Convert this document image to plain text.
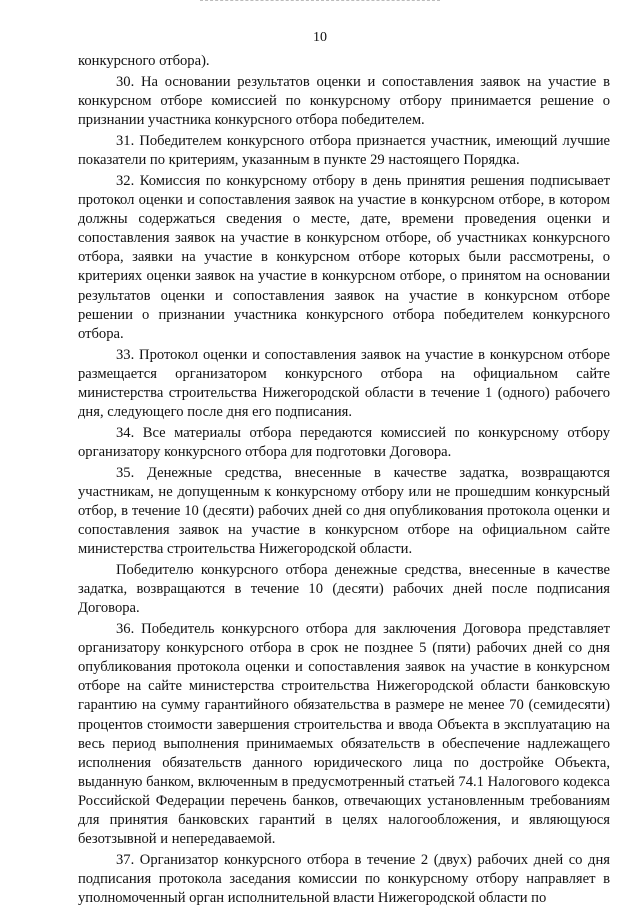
10

конкурсного отбора).

30. На основании результатов оценки и сопоставления заявок на участие в конкурсном отборе комиссией по конкурсному отбору принимается решение о признании участника конкурсного отбора победителем.

31. Победителем конкурсного отбора признается участник, имеющий лучшие показатели по критериям, указанным в пункте 29 настоящего Порядка.

32. Комиссия по конкурсному отбору в день принятия решения подписывает протокол оценки и сопоставления заявок на участие в конкурсном отборе, в котором должны содержаться сведения о месте, дате, времени проведения оценки и сопоставления заявок на участие в конкурсном отборе, об участниках конкурсного отбора, заявки на участие в конкурсном отборе которых были рассмотрены, о критериях оценки заявок на участие в конкурсном отборе, о принятом на основании результатов оценки и сопоставления заявок на участие в конкурсном отборе решении о признании участника конкурсного отбора победителем конкурсного отбора.

33. Протокол оценки и сопоставления заявок на участие в конкурсном отборе размещается организатором конкурсного отбора на официальном сайте министерства строительства Нижегородской области в течение 1 (одного) рабочего дня, следующего после дня его подписания.

34. Все материалы отбора передаются комиссией по конкурсному отбору организатору конкурсного отбора для подготовки Договора.

35. Денежные средства, внесенные в качестве задатка, возвращаются участникам, не допущенным к конкурсному отбору или не прошедшим конкурсный отбор, в течение 10 (десяти) рабочих дней со дня опубликования протокола оценки и сопоставления заявок на участие в конкурсном отборе на официальном сайте министерства строительства Нижегородской области.

Победителю конкурсного отбора денежные средства, внесенные в качестве задатка, возвращаются в течение 10 (десяти) рабочих дней после подписания Договора.

36. Победитель конкурсного отбора для заключения Договора представляет организатору конкурсного отбора в срок не позднее 5 (пяти) рабочих дней со дня опубликования протокола оценки и сопоставления заявок на участие в конкурсном отборе на сайте министерства строительства Нижегородской области банковскую гарантию на сумму гарантийного обязательства в размере не менее 70 (семидесяти) процентов стоимости завершения строительства и ввода Объекта в эксплуатацию на весь период выполнения принимаемых обязательств в обеспечение надлежащего исполнения обязательств данного юридического лица по достройке Объекта, выданную банком, включенным в предусмотренный статьей 74.1 Налогового кодекса Российской Федерации перечень банков, отвечающих установленным требованиям для принятия банковских гарантий в целях налогообложения, и являющуюся безотзывной и непередаваемой.

37. Организатор конкурсного отбора в течение 2 (двух) рабочих дней со дня подписания протокола заседания комиссии по конкурсному отбору направляет в уполномоченный орган исполнительной власти Нижегородской области по
